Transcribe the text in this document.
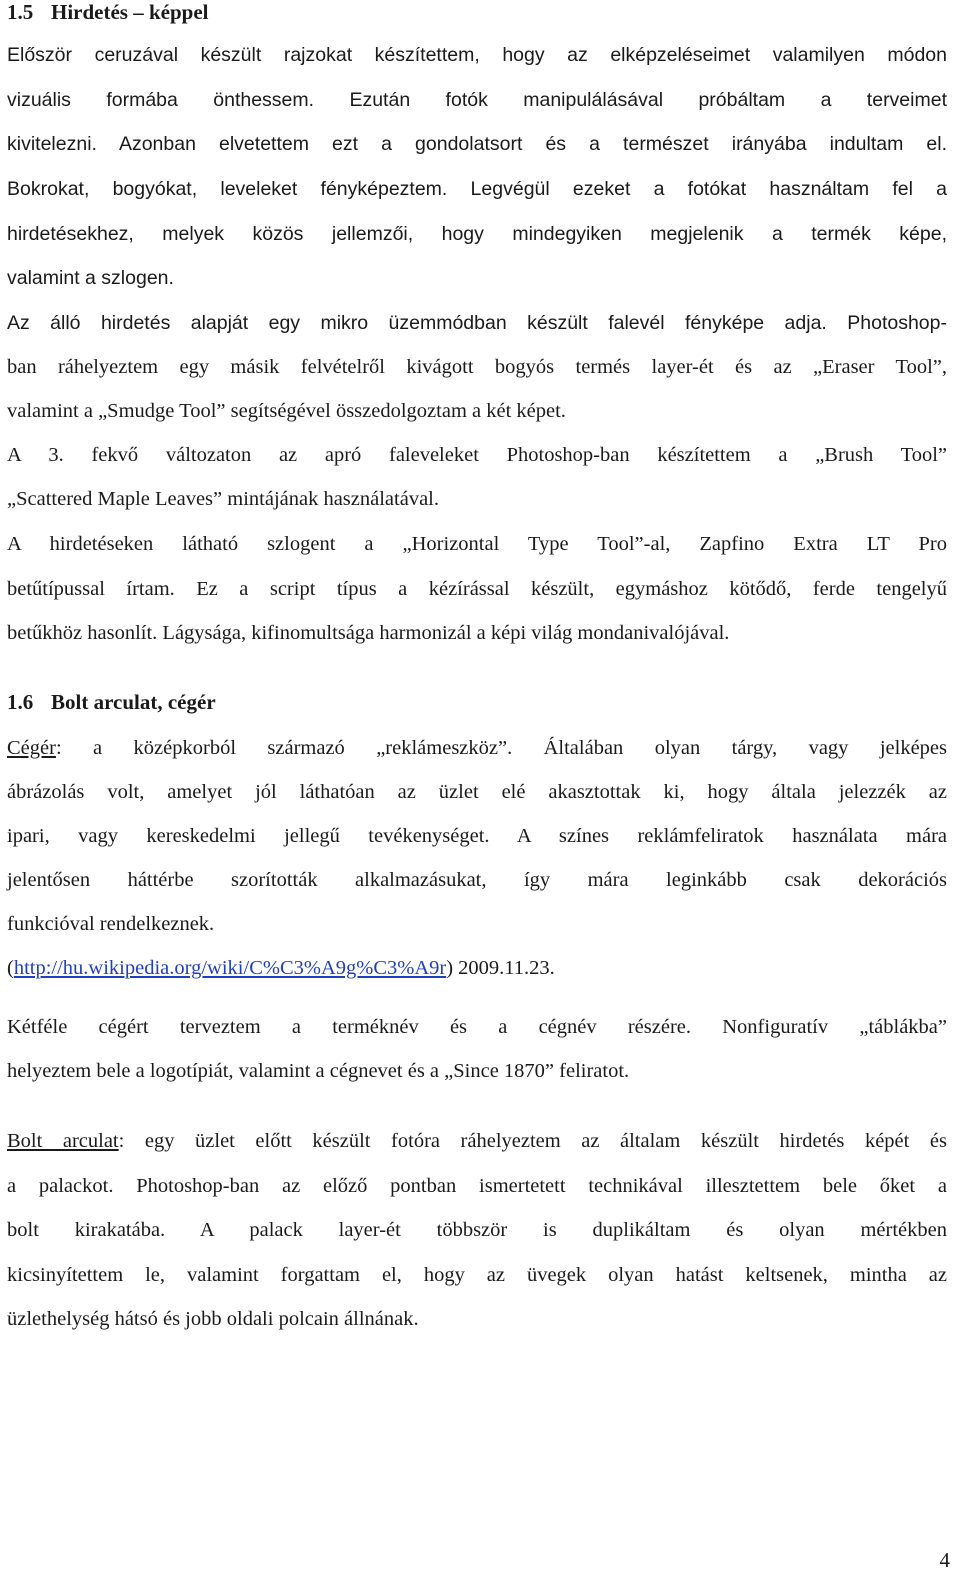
1.5 Hirdetés – képpel
Először ceruzával készült rajzokat készítettem, hogy az elképzeléseimet valamilyen módon
vizuális formába önthessem. Ezután fotók manipulálásával próbáltam a terveimet
kivitelezni. Azonban elvetettem ezt a gondolatsort és a természet irányába indultam el.
Bokrokat, bogyókat, leveleket fényképeztem. Legvégül ezeket a fotókat használtam fel a
hirdetésekhez, melyek közös jellemzői, hogy mindegyiken megjelenik a termék képe,
valamint a szlogen.
Az álló hirdetés alapját egy mikro üzemmódban készült falevél fényképe adja. Photoshop-
ban ráhelyeztem egy másik felvételről kivágott bogyós termés layer-ét és az „Eraser Tool”,
valamint a „Smudge Tool” segítségével összedolgoztam a két képet.
A 3. fekvő változaton az apró faleveleket Photoshop-ban készítettem a „Brush Tool”
„Scattered Maple Leaves” mintájának használatával.
A hirdetéseken látható szlogent a „Horizontal Type Tool”-al, Zapfino Extra LT Pro
betűtípussal írtam. Ez a script típus a kézírással készült, egymáshoz kötődő, ferde tengelyű
betűkhöz hasonlít. Lágysága, kifinomultsága harmonizál a képi világ mondanivalójával.
1.6 Bolt arculat, cégér
Cégér: a középkorból származó „reklámeszköz”. Általában olyan tárgy, vagy jelképes
ábrázolás volt, amelyet jól láthatóan az üzlet elé akasztottak ki, hogy általa jelezzék az
ipari, vagy kereskedelmi jellegű tevékenységet. A színes reklámfeliratok használata mára
jelentősen háttérbe szorították alkalmazásukat, így mára leginkább csak dekorációs
funkcióval rendelkeznek.
(http://hu.wikipedia.org/wiki/C%C3%A9g%C3%A9r) 2009.11.23.
Kétféle cégért terveztem a terméknév és a cégnév részére. Nonfiguratív „táblákba”
helyeztem bele a logotípiát, valamint a cégnevet és a „Since 1870” feliratot.
Bolt arculat: egy üzlet előtt készült fotóra ráhelyeztem az általam készült hirdetés képét és
a palackot. Photoshop-ban az előző pontban ismertetett technikával illesztettem bele őket a
bolt kirakatába. A palack layer-ét többször is duplikáltam és olyan mértékben
kicsinyítettem le, valamint forgattam el, hogy az üvegek olyan hatást keltsenek, mintha az
üzlethelység hátsó és jobb oldali polcain állnának.
4
